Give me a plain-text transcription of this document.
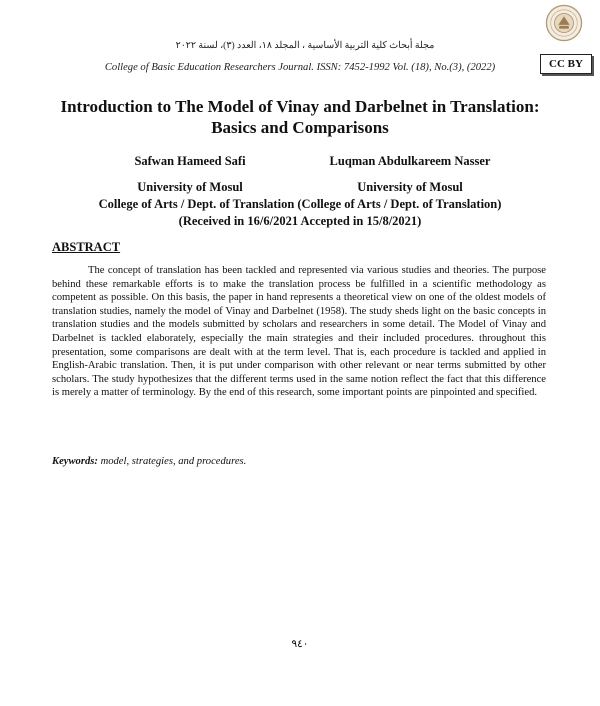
مجلة أبحاث كلية التربية الأساسية ، المجلد ١٨، العدد (٣)، لسنة ٢٠٢٢
College of Basic Education Researchers Journal. ISSN: 7452-1992 Vol. (18), No.(3), (2022)	CC BY
Introduction to The Model of Vinay and Darbelnet in Translation: Basics and Comparisons
Safwan Hameed Safi	Luqman Abdulkareem Nasser
University of Mosul	University of Mosul
College of Arts / Dept. of Translation (College of Arts / Dept. of Translation)
(Received in 16/6/2021 Accepted in 15/8/2021)
ABSTRACT

The concept of translation has been tackled and represented via various studies and theories. The purpose behind these remarkable efforts is to make the translation process be fulfilled in a scientific methodology as competent as possible. On this basis, the paper in hand represents a theoretical view on one of the oldest models of translation studies, namely the model of Vinay and Darbelnet (1958). The study sheds light on the basic concepts in translation studies and the models submitted by scholars and researchers in some detail. The Model of Vinay and Darbelnet is tackled elaborately, especially the main strategies and their included procedures. throughout this presentation, some comparisons are dealt with at the term level. That is, each procedure is tackled and applied in English-Arabic translation. Then, it is put under comparison with other relevant or near terms submitted by other scholars. The study hypothesizes that the different terms used in the same notion reflect the fact that this difference is merely a matter of terminology. By the end of this research, some important points are pinpointed and specified.

Keywords: model, strategies, and procedures.
٩٤٠
